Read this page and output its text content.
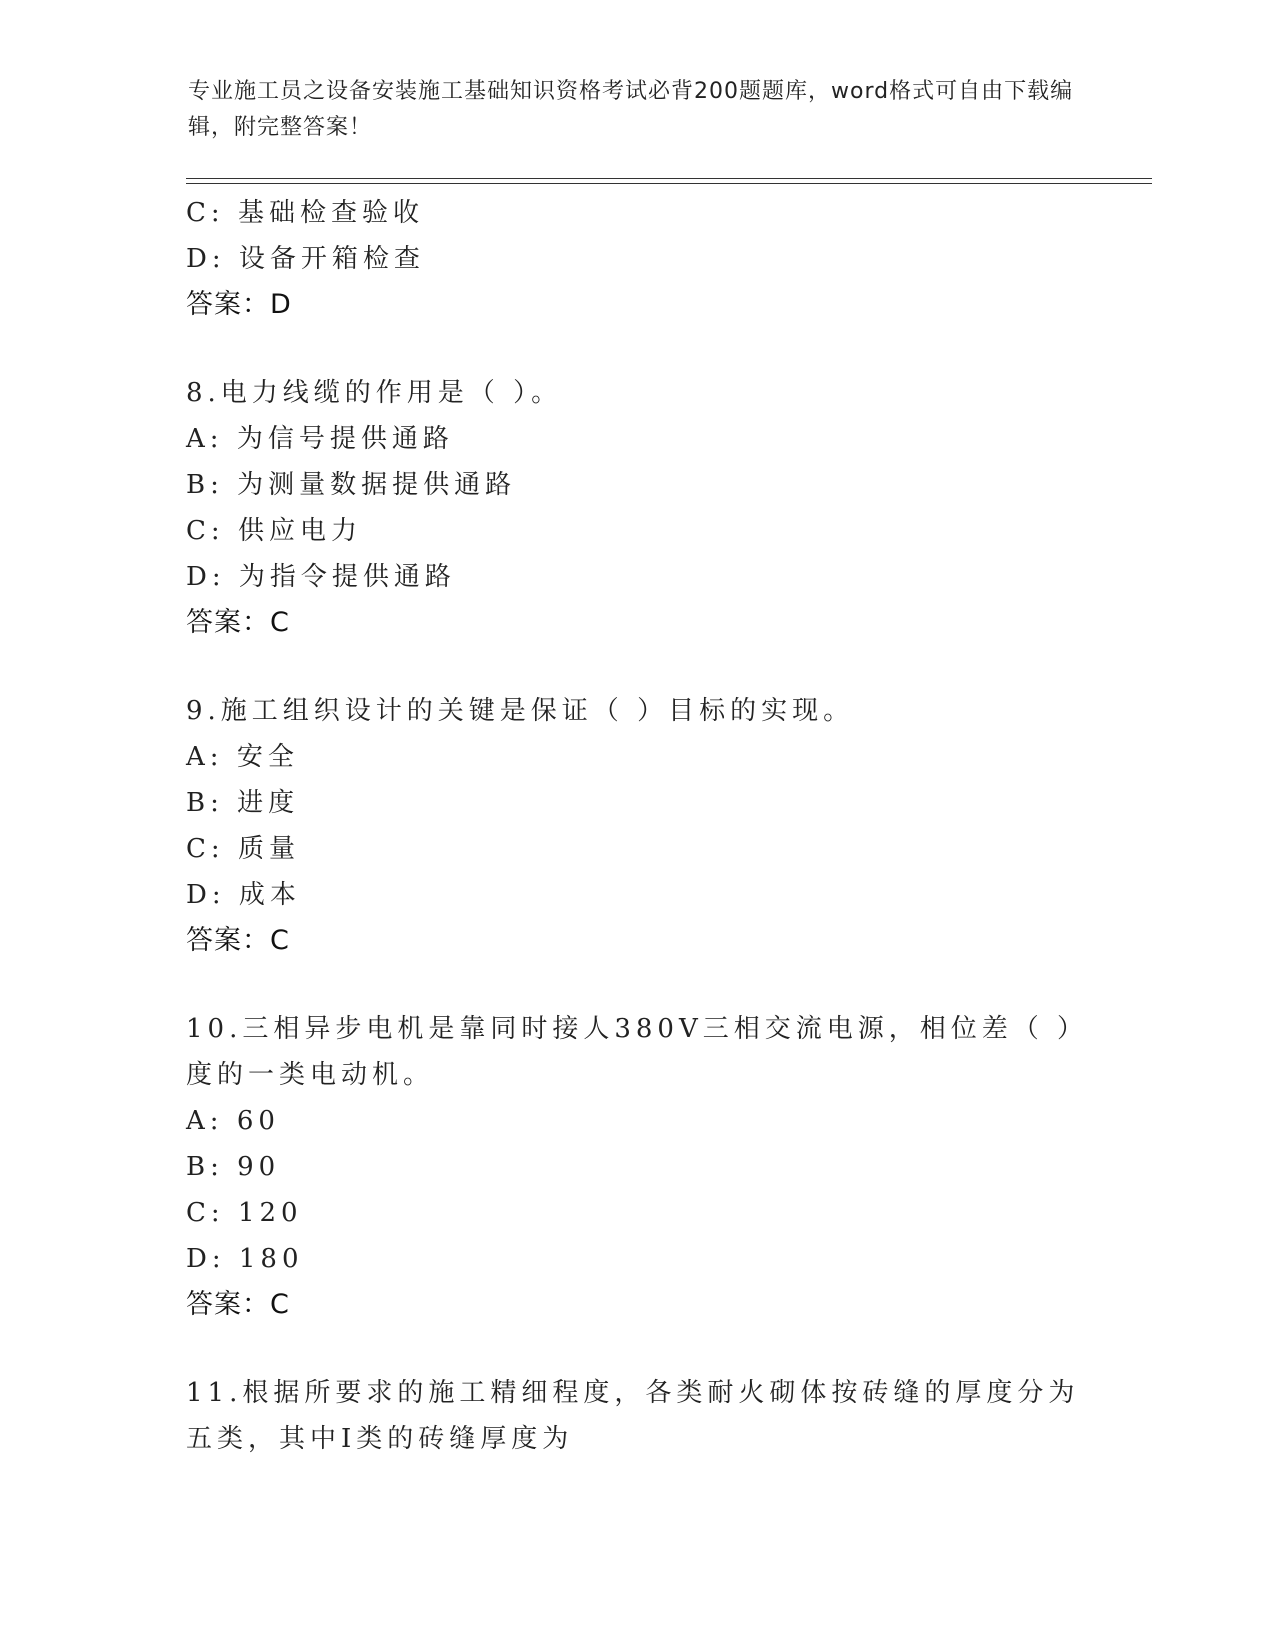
专业施工员之设备安装施工基础知识资格考试必背200题题库，word格式可自由下载编辑，附完整答案！
C: 基础检查验收
D: 设备开箱检查
答案：D
8.电力线缆的作用是（ ）。
A: 为信号提供通路
B: 为测量数据提供通路
C: 供应电力
D: 为指令提供通路
答案：C
9.施工组织设计的关键是保证（ ）目标的实现。
A: 安全
B: 进度
C: 质量
D: 成本
答案：C
10.三相异步电机是靠同时接人380V三相交流电源，相位差（ ）度的一类电动机。
A: 60
B: 90
C: 120
D: 180
答案：C
11.根据所要求的施工精细程度，各类耐火砌体按砖缝的厚度分为五类，其中Ⅰ类的砖缝厚度为
